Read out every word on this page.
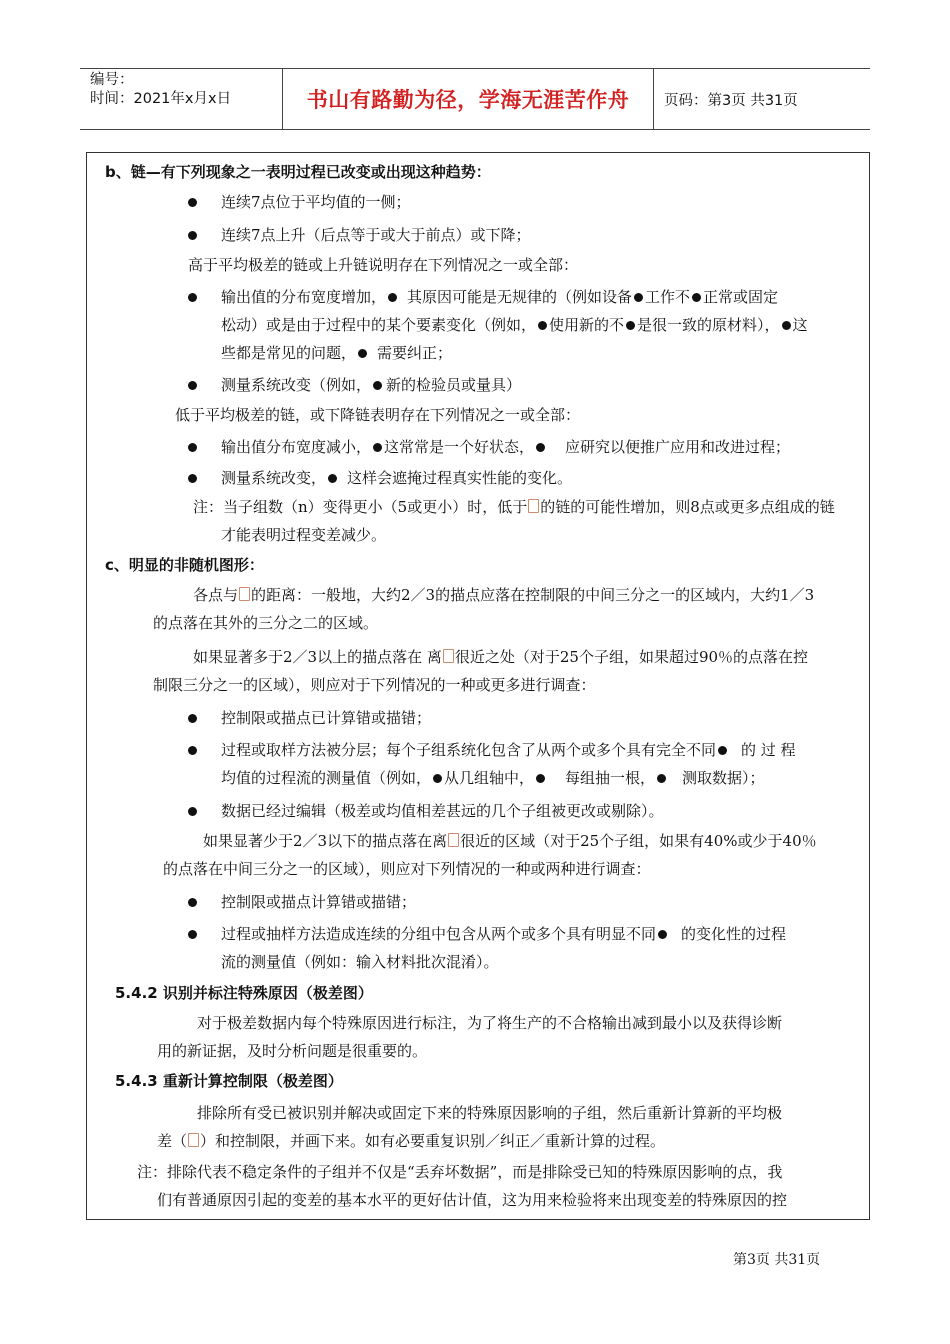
编号：
时间：2021年x月x日	书山有路勤为径，学海无涯苦作舟	页码：第3页 共31页
b、链—有下列现象之一表明过程已改变或出现这种趋势：
连续7点位于平均值的一侧；
连续7点上升（后点等于或大于前点）或下降；
高于平均极差的链或上升链说明存在下列情况之一或全部：
输出值的分布宽度增加， 其原因可能是无规律的（例如设备 工作不 正常或固定
松动）或是由于过程中的某个要素变化（例如， 使用新的不 是很一致的原材料）， 这
些都是常见的问题， 需要纠正；
测量系统改变（例如， 新的检验员或量具）
低于平均极差的链，或下降链表明存在下列情况之一或全部：
输出值分布宽度减小， 这常常是一个好状态， 应研究以便推广应用和改进过程；
测量系统改变， 这样会遮掩过程真实性能的变化。
注：当子组数（n）变得更小（5或更小）时，低于 的链的可能性增加，则8点或更多点组成的链
才能表明过程变差减少。
c、明显的非随机图形：
各点与 的距离：一般地，大约2／3的描点应落在控制限的中间三分之一的区域内，大约1／3
的点落在其外的三分之二的区域。
如果显著多于2／3以上的描点落在 离 很近之处（对于25个子组，如果超过90％的点落在控
制限三分之一的区域），则应对于下列情况的一种或更多进行调查：
控制限或描点已计算错或描错；
过程或取样方法被分层；每个子组系统化包含了从两个或多个具有完全不同 的 过 程
均值的过程流的测量值（例如， 从几组轴中， 每组抽一根， 测取数据）；
数据已经过编辑（极差或均值相差甚远的几个子组被更改或剔除）。
如果显著少于2／3以下的描点落在离 很近的区域（对于25个子组，如果有40%或少于40％
的点落在中间三分之一的区域），则应对下列情况的一种或两种进行调查：
控制限或描点计算错或描错；
过程或抽样方法造成连续的分组中包含从两个或多个具有明显不同 的变化性的过程
流的测量值（例如：输入材料批次混淆）。
5.4.2 识别并标注特殊原因（极差图）
对于极差数据内每个特殊原因进行标注，为了将生产的不合格输出减到最小以及获得诊断
用的新证据，及时分析问题是很重要的。
5.4.3 重新计算控制限（极差图）
排除所有受已被识别并解决或固定下来的特殊原因影响的子组，然后重新计算新的平均极
差（ ）和控制限，并画下来。如有必要重复识别／纠正／重新计算的过程。
注：排除代表不稳定条件的子组并不仅是“丢弃坏数据”，而是排除受已知的特殊原因影响的点，我
们有普通原因引起的变差的基本水平的更好估计值，这为用来检验将来出现变差的特殊原因的控
第3页 共31页
